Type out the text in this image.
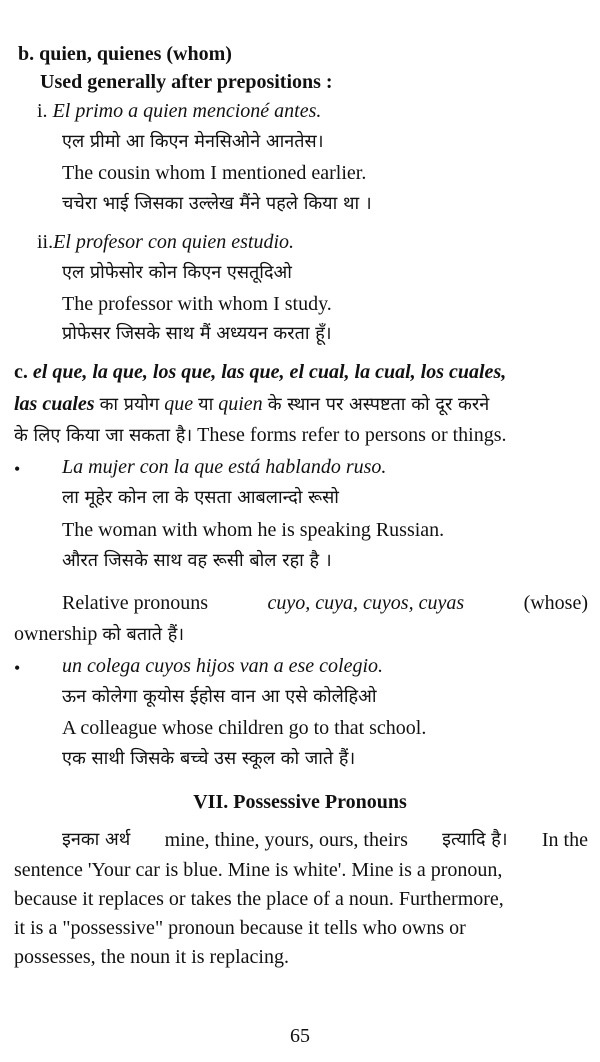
b. quien, quienes (whom)
Used generally after prepositions :
i. El primo a quien mencioné antes.
एल प्रीमो आ किएन मेनसिओने आनतेस।
The cousin whom I mentioned earlier.
चचेरा भाई जिसका उल्लेख मैंने पहले किया था ।
ii.El profesor con quien estudio.
एल प्रोफेसोर कोन किएन एसतूदिओ
The professor with whom I study.
प्रोफेसर जिसके साथ मैं अध्ययन करता हूँ।
c. el que, la que, los que, las que, el cual, la cual, los cuales,
las cuales का प्रयोग que या quien के स्थान पर अस्पष्टता को दूर करने
के लिए किया जा सकता है। These forms refer to persons or things.
• La mujer con la que está hablando ruso.
ला मूहेर कोन ला के एसता आबलान्दो रूसो
The woman with whom he is speaking Russian.
औरत जिसके साथ वह रूसी बोल रहा है ।
Relative pronouns	cuyo, cuya, cuyos, cuyas	(whose)
ownership को बताते हैं।
• un colega cuyos hijos van a ese colegio.
ऊन कोलेगा कूयोस ईहोस वान आ एसे कोलेहिओ
A colleague whose children go to that school.
एक साथी जिसके बच्चे उस स्कूल को जाते हैं।
VII. Possessive Pronouns
इनका अर्थ mine, thine, yours, ours, theirs इत्यादि है। In the
sentence 'Your car is blue. Mine is white'. Mine is a pronoun,
because it replaces or takes the place of a noun. Furthermore,
it is a "possessive" pronoun because it tells who owns or
possesses, the noun it is replacing.
65
